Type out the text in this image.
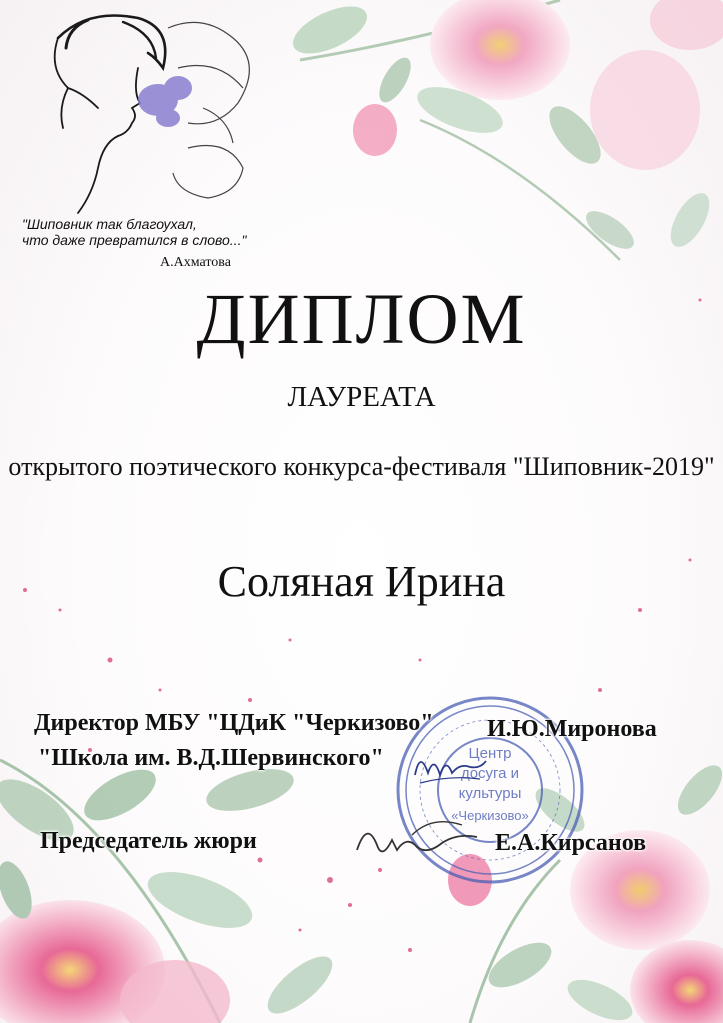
"Шиповник так благоухал,
что даже превратился в слово..."
А.Ахматова
ДИПЛОМ
ЛАУРЕАТА
открытого поэтического конкурса-фестиваля "Шиповник-2019"
Соляная Ирина
Центр
досуга и
культуры
«Черкизово»
Директор МБУ "ЦДиК "Черкизово"
"Школа им. В.Д.Шервинского"
И.Ю.Миронова
Председатель жюри	Е.А.Кирсанов
